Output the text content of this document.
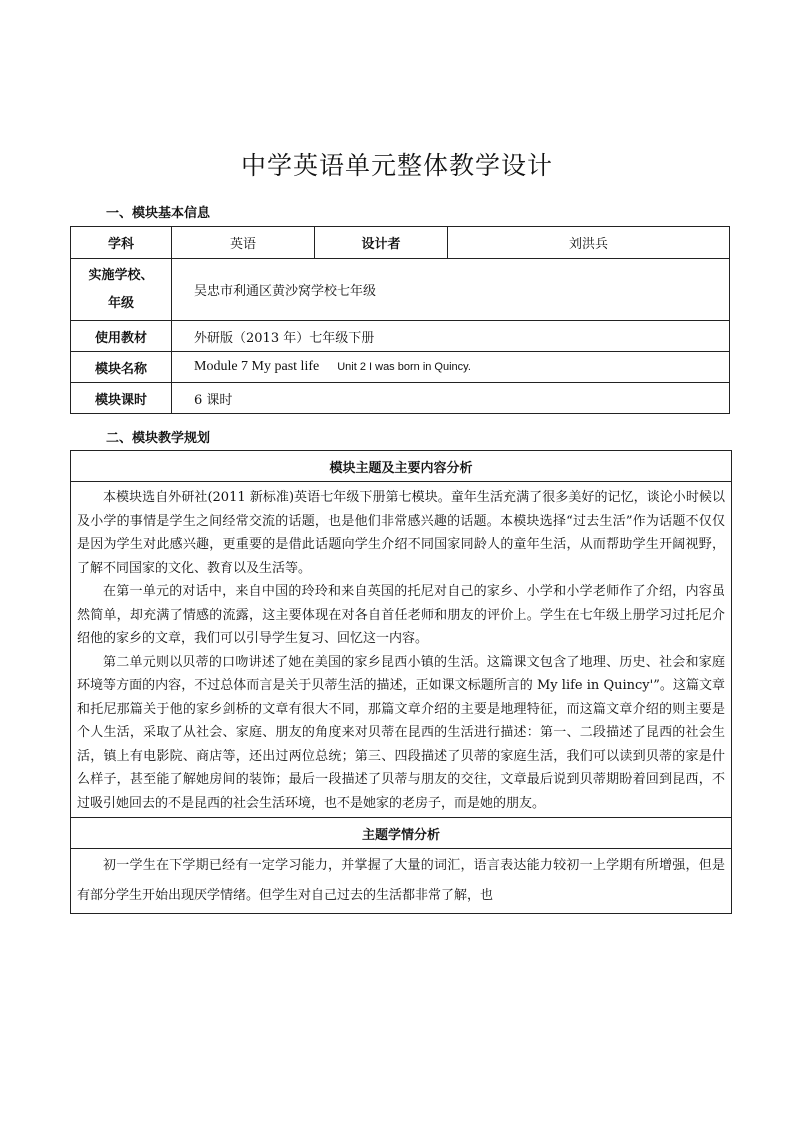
中学英语单元整体教学设计
一、模块基本信息
学科	英语	设计者	刘洪兵

实施学校、
年级	吴忠市利通区黄沙窝学校七年级		
使用教材	外研版（2013 年）七年级下册		
模块名称	Module 7 My past life Unit 2 I was born in Quincy.		
模块课时	6 课时		
二、模块教学规划
模块主题及主要内容分析

本模块选自外研社(2011 新标准)英语七年级下册第七模块。童年生活充满了很多美好的记忆，谈论小时候以及小学的事情是学生之间经常交流的话题，也是他们非常感兴趣的话题。本模块选择“过去生活”作为话题不仅仅是因为学生对此感兴趣，更重要的是借此话题向学生介绍不同国家同龄人的童年生活，从而帮助学生开阔视野，了解不同国家的文化、教育以及生活等。

在第一单元的对话中，来自中国的玲玲和来自英国的托尼对自己的家乡、小学和小学老师作了介绍，内容虽然简单，却充满了情感的流露，这主要体现在对各自首任老师和朋友的评价上。学生在七年级上册学习过托尼介绍他的家乡的文章，我们可以引导学生复习、回忆这一内容。

第二单元则以贝蒂的口吻讲述了她在美国的家乡昆西小镇的生活。这篇课文包含了地理、历史、社会和家庭环境等方面的内容，不过总体而言是关于贝蒂生活的描述，正如课文标题所言的 My life in Quincy'”。这篇文章和托尼那篇关于他的家乡剑桥的文章有很大不同，那篇文章介绍的主要是地理特征，而这篇文章介绍的则主要是个人生活，采取了从社会、家庭、朋友的角度来对贝蒂在昆西的生活进行描述：第一、二段描述了昆西的社会生活，镇上有电影院、商店等，还出过两位总统；第三、四段描述了贝蒂的家庭生活，我们可以读到贝蒂的家是什么样子，甚至能了解她房间的装饰；最后一段描述了贝蒂与朋友的交往，文章最后说到贝蒂期盼着回到昆西，不过吸引她回去的不是昆西的社会生活环境，也不是她家的老房子，而是她的朋友。

主题学情分析

初一学生在下学期已经有一定学习能力，并掌握了大量的词汇，语言表达能力较初一上学期有所增强，但是有部分学生开始出现厌学情绪。但学生对自己过去的生活都非常了解，也
